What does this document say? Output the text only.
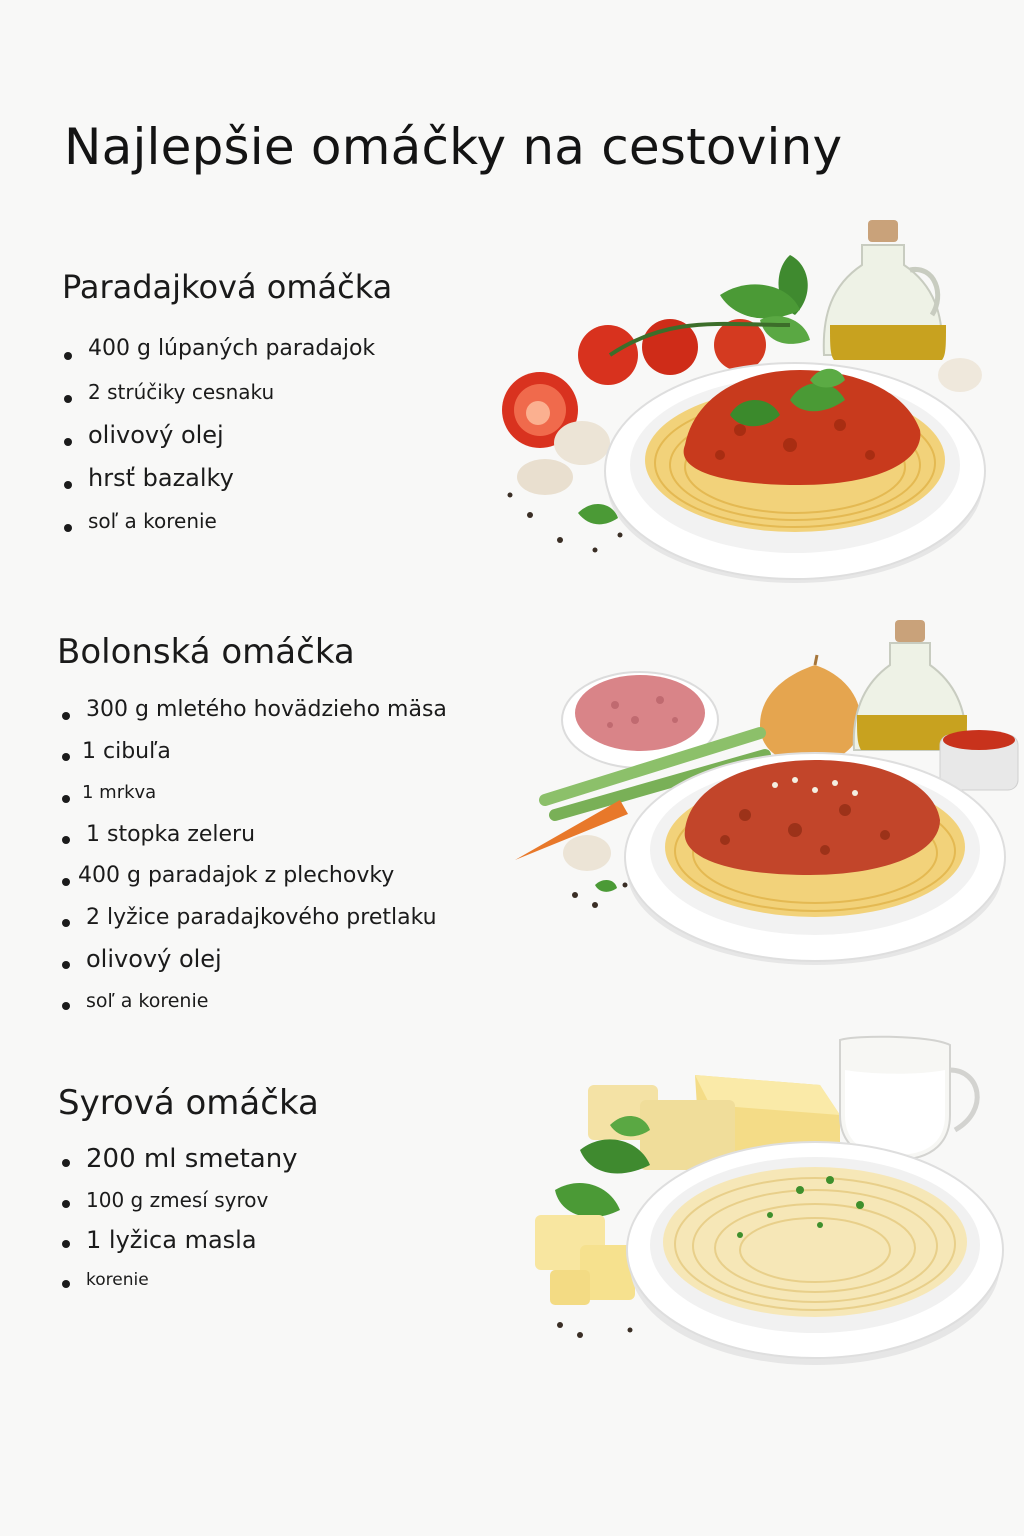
Najlepšie omáčky na cestoviny
Paradajková omáčka
400 g lúpaných paradajok
2 strúčiky cesnaku
olivový olej
hrsť bazalky
soľ a korenie
Bolonská omáčka
300 g mletého hovädzieho mäsa
1 cibuľa
1 mrkva
1 stopka zeleru
400 g paradajok z plechovky
2 lyžice paradajkového pretlaku
olivový olej
soľ a korenie
Syrová omáčka
200 ml smetany
100 g zmesí syrov
1 lyžica masla
korenie
